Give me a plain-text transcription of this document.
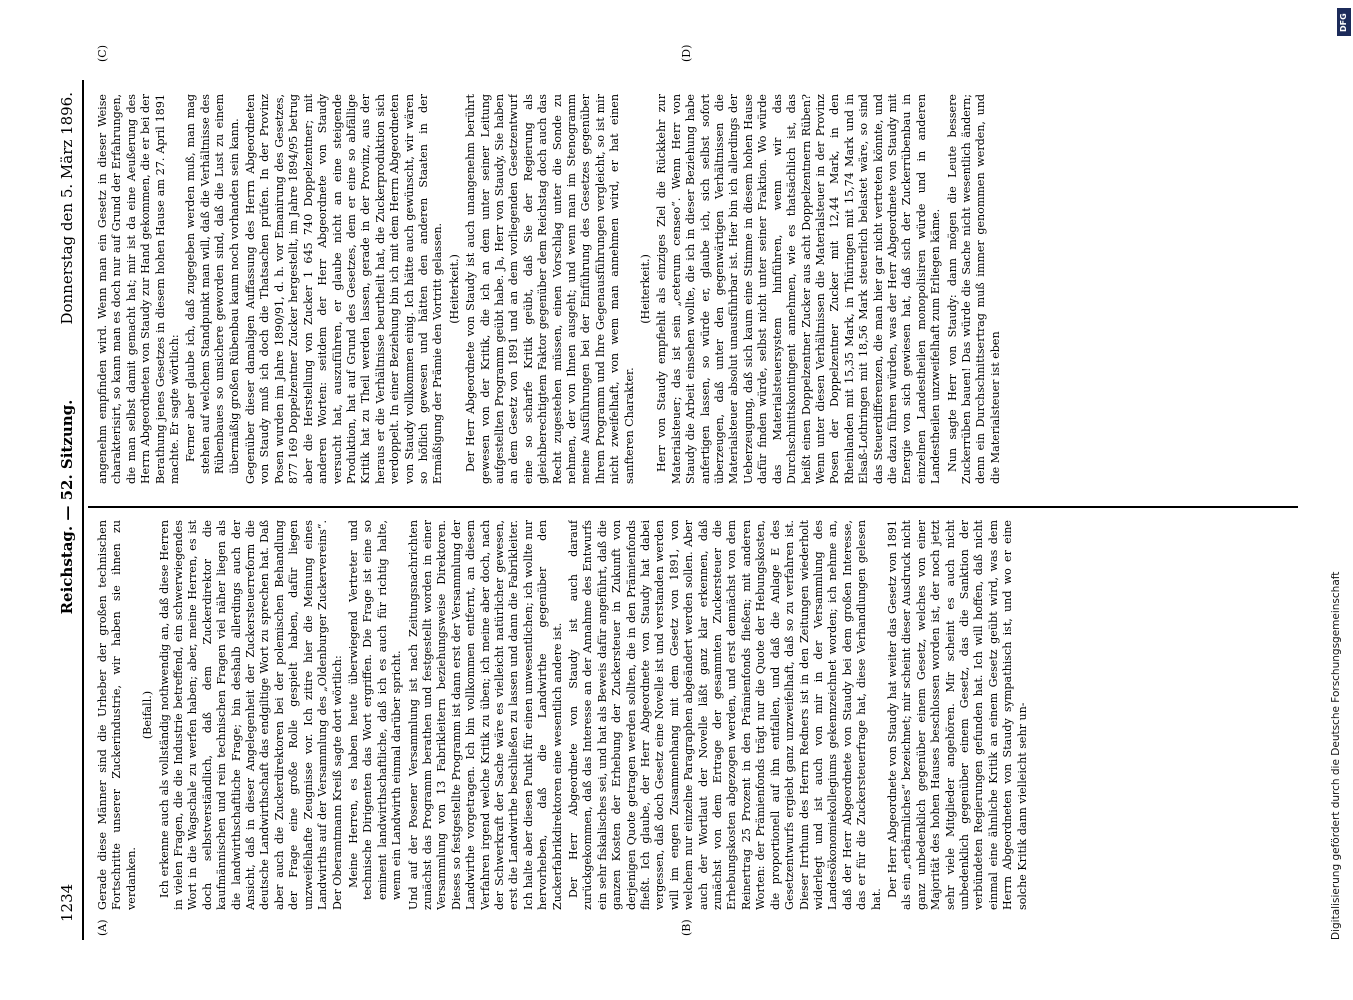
1234
Reichstag. — 52. Sitzung.
Donnerstag den 5. März 1896.
(A)	(B)
(C)	(D)

Gerade diese Männer sind die Urheber der großen technischen Fortschritte unserer Zuckerindustrie, wir haben sie ihnen zu verdanken.

(Beifall.) Ich erkenne auch als vollständig nothwendig an, daß diese Herren in vielen Fragen, die die Industrie betreffend, ein schwerwiegendes Wort in die Wagschale zu werfen haben; aber, meine Herren, es ist doch selbstverständlich, daß dem Zuckerdirektor die kaufmännischen und rein technischen Fragen viel näher liegen als die landwirthschaftliche Frage; bin deshalb allerdings auch der Ansicht, daß in dieser Angelegenheit der Zuckersteuerreform die deutsche Landwirthschaft das endgiltige Wort zu sprechen hat. Daß aber auch die Zuckerdirektoren bei der polemischen Behandlung der Frage eine große Rolle gespielt haben, dafür liegen unzweifelhafte Zeugnisse vor. Ich zitire hier die Meinung eines Landwirths auf der Versammlung des „Oldenburger Zuckervereins“. Der Oberamtmann Kreiß sagte dort wörtlich: Meine Herren, es haben heute überwiegend Vertreter und technische Dirigenten das Wort ergriffen. Die Frage ist eine so eminent landwirthschaftliche, daß ich es auch für richtig halte, wenn ein Landwirth einmal darüber spricht. Und auf der Posener Versammlung ist nach Zeitungsnachrichten zunächst das Programm berathen und festgestellt worden in einer Versammlung von 13 Fabrikleitern beziehungsweise Direktoren. Dieses so festgestellte Programm ist dann erst der Versammlung der Landwirthe vorgetragen. Ich bin vollkommen entfernt, an diesem Verfahren irgend welche Kritik zu üben; ich meine aber doch, nach der Schwerkraft der Sache wäre es vielleicht natürlicher gewesen, erst die Landwirthe beschließen zu lassen und dann die Fabrikleiter. Ich halte aber diesen Punkt für einen unwesentlichen; ich wollte nur hervorheben, daß die Landwirthe gegenüber den Zuckerfabrikdirektoren eine wesentlich andere ist. Der Herr Abgeordnete von Staudy ist auch darauf zurückgekommen, daß das Interesse an der Annahme des Entwurfs ein sehr fiskalisches sei, und hat als Beweis dafür angeführt, daß die ganzen Kosten der Erhebung der Zuckersteuer in Zukunft von derjenigen Quote getragen werden sollten, die in den Prämienfonds fließt. Ich glaube, der Herr Abgeordnete von Staudy hat dabei vergessen, daß doch Gesetz eine Novelle ist und verstanden werden will im engen Zusammenhang mit dem Gesetz von 1891, von welchem nur einzelne Paragraphen abgeändert werden sollen. Aber auch der Wortlaut der Novelle läßt ganz klar erkennen, daß zunächst von dem Ertrage der gesammten Zuckersteuer die Erhebungskosten abgezogen werden, und erst demnächst von dem Reinertrag 25 Prozent in den Prämienfonds fließen; mit anderen Worten: der Prämienfonds trägt nur die Quote der Hebungskosten, die proportionell auf ihn entfallen, und daß die Anlage E des Gesetzentwurfs ergiebt ganz unzweifelhaft, daß so zu verfahren ist. Dieser Irrthum des Herrn Redners ist in den Zeitungen wiederholt widerlegt und ist auch von mir in der Versammlung des Landesökonomiekollegiums gekennzeichnet worden; ich nehme an, daß der Herr Abgeordnete von Staudy bei dem großen Interesse, das er für die Zuckersteuerfrage hat, diese Verhandlungen gelesen hat.

Der Herr Abgeordnete von Staudy hat weiter das Gesetz von 1891 als ein „erbärmliches“ bezeichnet; mir scheint dieser Ausdruck nicht ganz unbedenklich gegenüber einem Gesetz, welches von einer Majorität des hohen Hauses beschlossen worden ist, der noch jetzt sehr viele Mitglieder angehören. Mir scheint es auch nicht unbedenklich gegenüber einem Gesetz, das die Sanktion der verbündeten Regierungen gefunden hat. Ich will hoffen, daß nicht einmal eine ähnliche Kritik an einem Gesetz geübt wird, was dem Herrn Abgeordneten von Staudy sympathisch ist, und wo er eine solche Kritik dann vielleicht sehr un-

angenehm empfinden wird. Wenn man ein Gesetz in dieser Weise charakterisirt, so kann man es doch nur auf Grund der Erfahrungen, die man selbst damit gemacht hat; mir ist da eine Aeußerung des Herrn Abgeordneten von Staudy zur Hand gekommen, die er bei der Berathung jenes Gesetzes in diesem hohen Hause am 27. April 1891 machte. Er sagte wörtlich: Ferner aber glaube ich, daß zugegeben werden muß, man mag stehen auf welchem Standpunkt man will, daß die Verhältnisse des Rübenbaues so unsichere geworden sind, daß die Lust zu einem übermäßig großen Rübenbau kaum noch vorhanden sein kann. Gegenüber dieser damaligen Auffassung des Herrn Abgeordneten von Staudy muß ich doch die Thatsachen prüfen. In der Provinz Posen wurden im Jahre 1890/91, d. h. vor Emanirung des Gesetzes, 877 169 Doppelzentner Zucker hergestellt, im Jahre 1894/95 betrug aber die Herstellung von Zucker 1 645 740 Doppelzentner; mit anderen Worten: seitdem der Herr Abgeordnete von Staudy versucht hat, auszuführen, er glaube nicht an eine steigende Produktion, hat auf Grund des Gesetzes, dem er eine so abfällige Kritik hat zu Theil werden lassen, gerade in der Provinz, aus der heraus er die Verhältnisse beurtheilt hat, die Zuckerproduktion sich verdoppelt. In einer Beziehung bin ich mit dem Herrn Abgeordneten von Staudy vollkommen einig. Ich hätte auch gewünscht, wir wären so höflich gewesen und hätten den anderen Staaten in der Ermäßigung der Prämie den Vortritt gelassen. (Heiterkeit.) Der Herr Abgeordnete von Staudy ist auch unangenehm berührt gewesen von der Kritik, die ich an dem unter seiner Leitung aufgestellten Programm geübt habe. Ja, Herr von Staudy, Sie haben an dem Gesetz von 1891 und an dem vorliegenden Gesetzentwurf eine so scharfe Kritik geübt, daß Sie der Regierung als gleichberechtigtem Faktor gegenüber dem Reichstag doch auch das Recht zugestehen müssen, einen Vorschlag unter die Sonde zu nehmen, der von Ihnen ausgeht; und wenn man im Stenogramm meine Ausführungen bei der Einführung des Gesetzes gegenüber Ihrem Programm und Ihre Gegenausführungen vergleicht, so ist mir nicht zweifelhaft, von wem man annehmen wird, er hat einen sanfteren Charakter.

(Heiterkeit.) Herr von Staudy empfiehlt als einziges Ziel die Rückkehr zur Materialsteuer; das ist sein „ceterum censeo“. Wenn Herr von Staudy die Arbeit einsehen wollte, die ich in dieser Beziehung habe anfertigen lassen, so würde er, glaube ich, sich selbst sofort überzeugen, daß unter den gegenwärtigen Verhältnissen die Materialsteuer absolut unausführbar ist. Hier bin ich allerdings der Ueberzeugung, daß sich kaum eine Stimme in diesem hohen Hause dafür finden würde, selbst nicht unter seiner Fraktion. Wo würde das Materialsteuersystem hinführen, wenn wir das Durchschnittskontingent annehmen, wie es thatsächlich ist, das heißt einen Doppelzentner Zucker aus acht Doppelzentnern Rüben? Wenn unter diesen Verhältnissen die Materialsteuer in der Provinz Posen der Doppelzentner Zucker mit 12,44 Mark, in den Rheinlanden mit 15,35 Mark, in Thüringen mit 15,74 Mark und in Elsaß-Lothringen mit 18,56 Mark steuerlich belastet wäre, so sind das Steuerdifferenzen, die man hier gar nicht vertreten könnte, und die dazu führen würden, was der Herr Abgeordnete von Staudy mit Energie von sich gewiesen hat, daß sich der Zuckerrübenbau in einzelnen Landestheilen monopolisiren würde und in anderen Landestheilen unzweifelhaft zum Erliegen käme. Nun sagte Herr von Staudy: dann mögen die Leute bessere Zuckerrüben bauen! Das würde die Sache nicht wesentlich ändern; denn ein Durchschnittsertrag muß immer genommen werden, und die Materialsteuer ist eben

Digitalisierung gefördert durch die Deutsche Forschungsgemeinschaft
DFG
